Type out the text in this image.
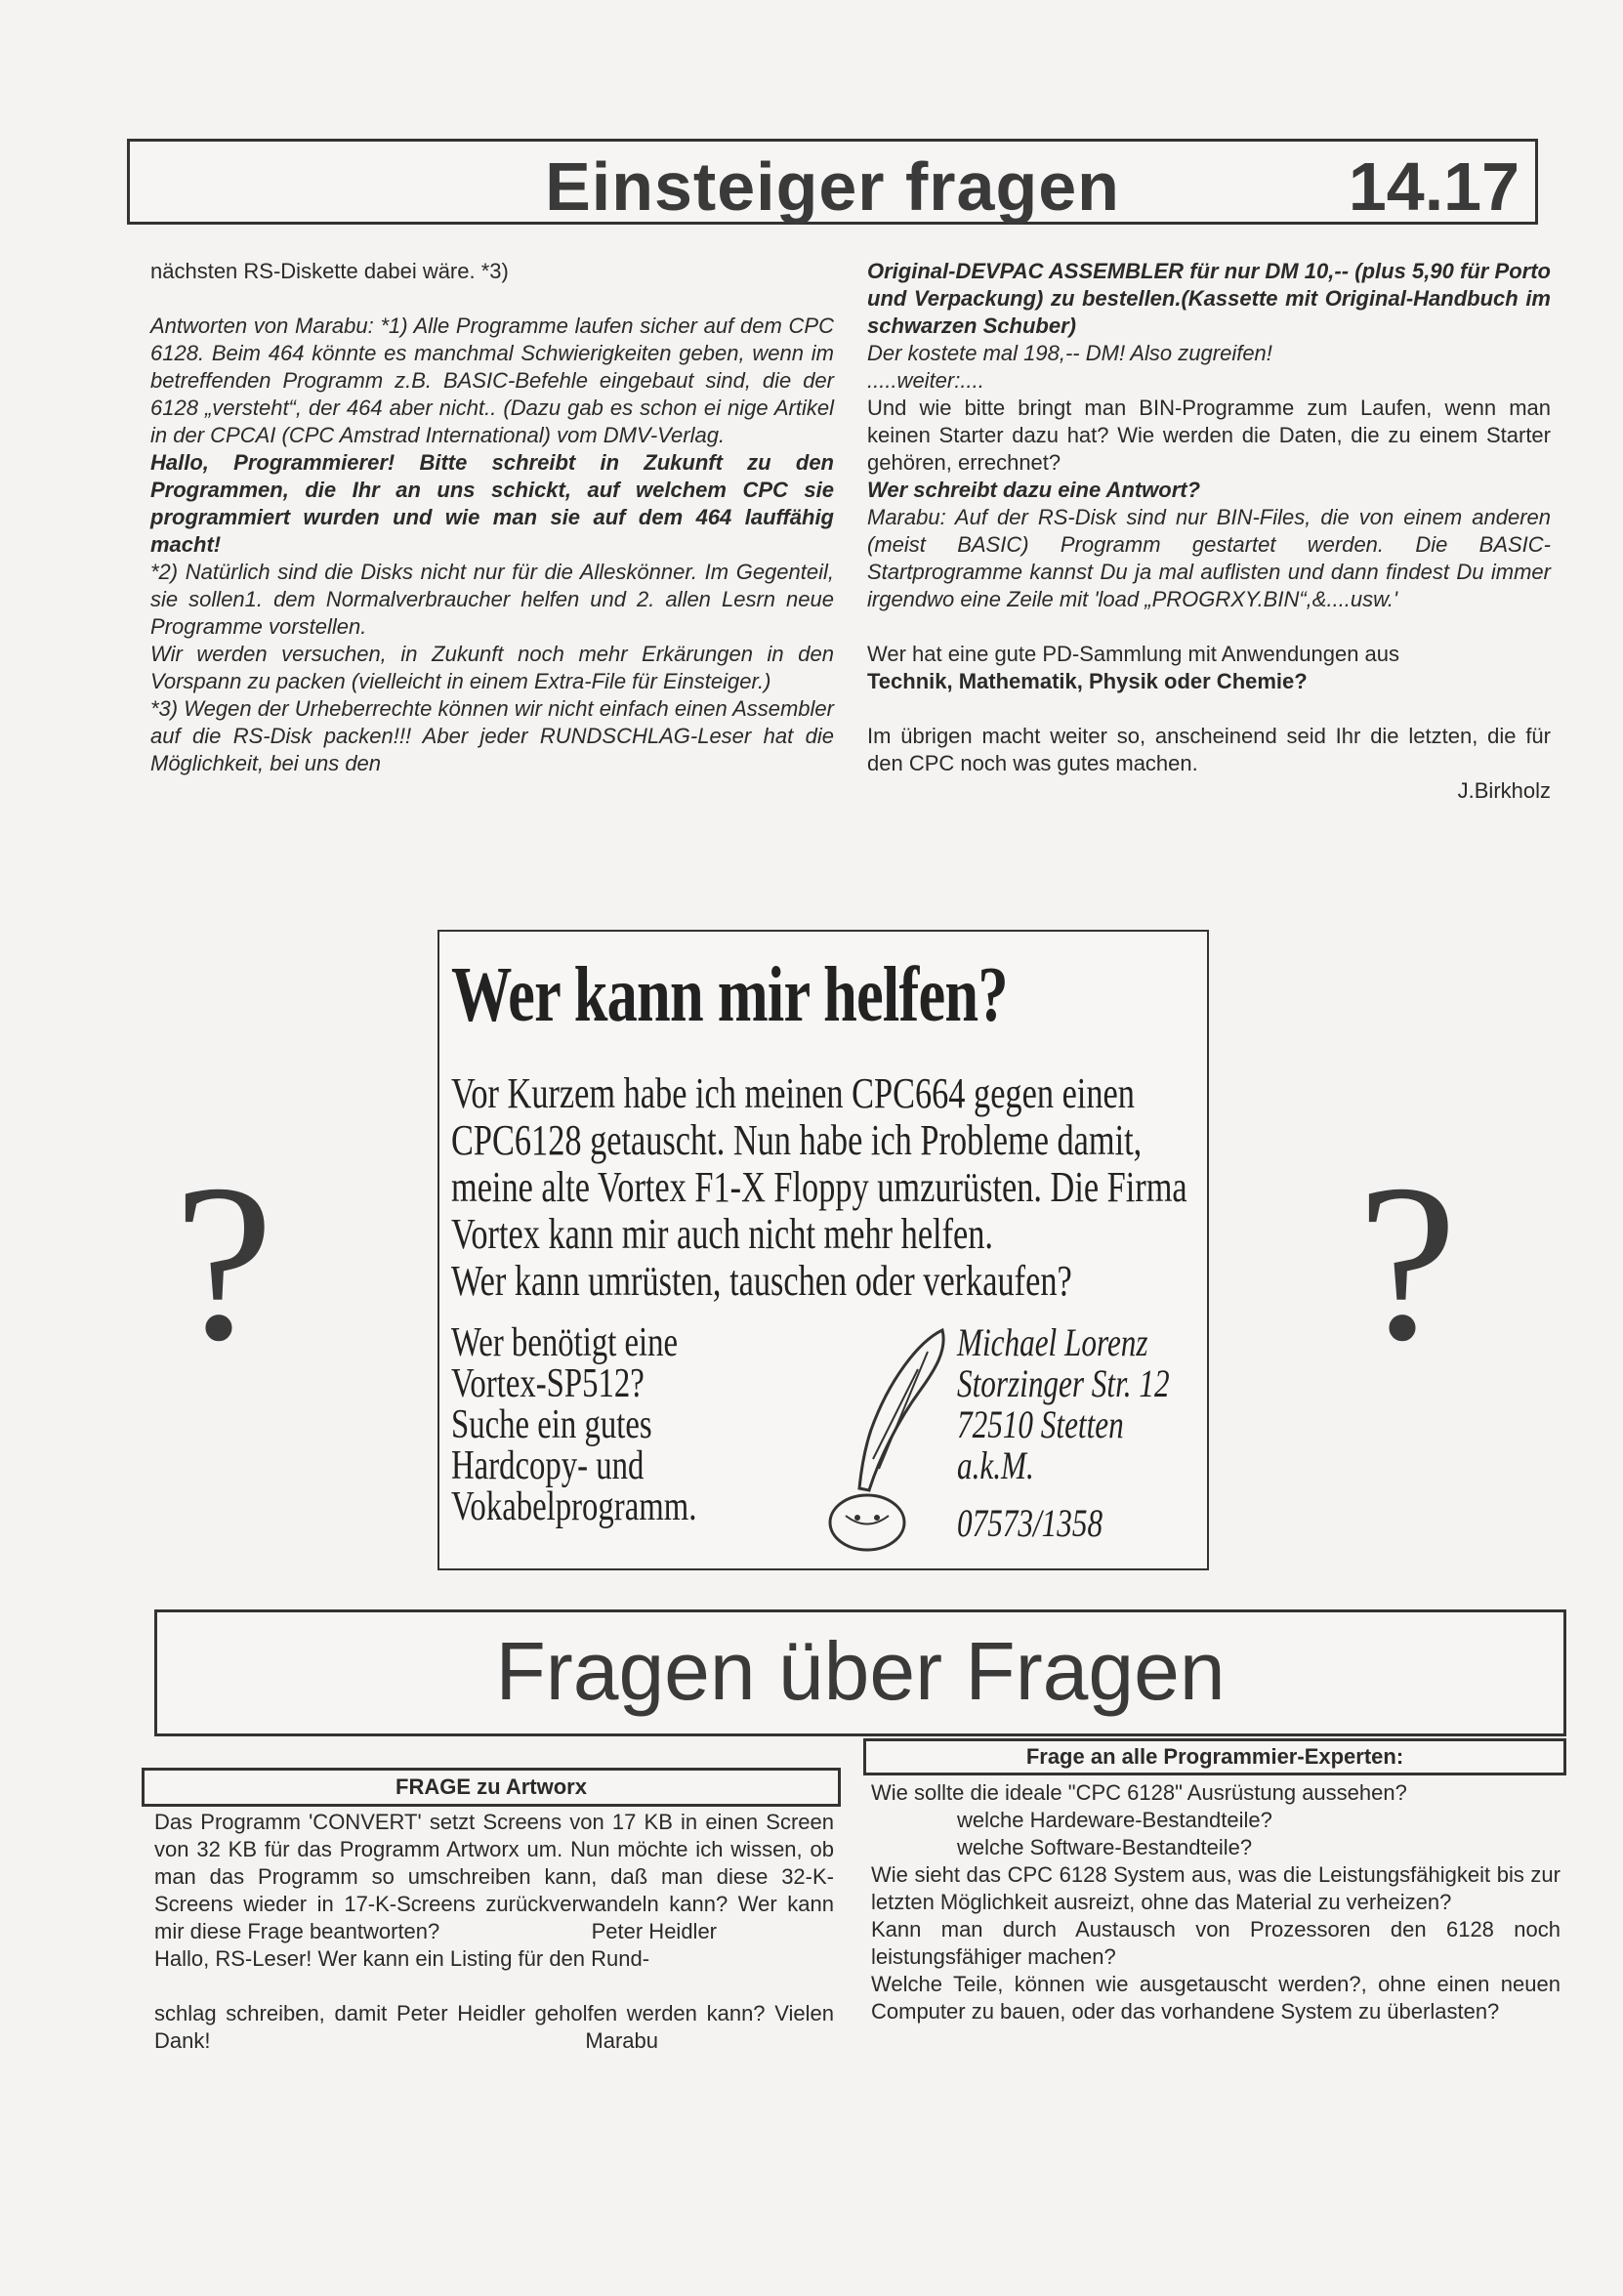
Einsteiger fragen	14.17

nächsten RS-Diskette dabei wäre. *3)

Antworten von Marabu: *1) Alle Programme laufen sicher auf dem CPC 6128. Beim 464 könnte es manchmal Schwierigkeiten geben, wenn im betreffenden Programm z.B. BASIC-Befehle eingebaut sind, die der 6128 „versteht“, der 464 aber nicht.. (Dazu gab es schon ei nige Artikel in der CPCAI (CPC Amstrad International) vom DMV-Verlag.

Hallo, Programmierer! Bitte schreibt in Zukunft zu den Programmen, die Ihr an uns schickt, auf welchem CPC sie programmiert wurden und wie man sie auf dem 464 lauffähig macht!

*2) Natürlich sind die Disks nicht nur für die Alleskönner. Im Gegenteil, sie sollen1. dem Normalverbraucher helfen und 2. allen Lesrn neue Programme vorstellen.

Wir werden versuchen, in Zukunft noch mehr Erkärungen in den Vorspann zu packen (vielleicht in einem Extra-File für Einsteiger.)

*3) Wegen der Urheberrechte können wir nicht einfach einen Assembler auf die RS-Disk packen!!! Aber jeder RUNDSCHLAG-Leser hat die Möglichkeit, bei uns den

Original-DEVPAC ASSEMBLER für nur DM 10,-- (plus 5,90 für Porto und Verpackung) zu bestellen.(Kassette mit Original-Handbuch im schwarzen Schuber)

Der kostete mal 198,-- DM! Also zugreifen!

.....weiter:....

Und wie bitte bringt man BIN-Programme zum Laufen, wenn man keinen Starter dazu hat? Wie werden die Daten, die zu einem Starter gehören, errechnet?

Wer schreibt dazu eine Antwort?

Marabu: Auf der RS-Disk sind nur BIN-Files, die von einem anderen (meist BASIC) Programm gestartet werden. Die BASIC-Startprogramme kannst Du ja mal auflisten und dann findest Du immer irgendwo eine Zeile mit 'load „PROGRXY.BIN“,&....usw.'

Wer hat eine gute PD-Sammlung mit Anwendungen aus

Technik, Mathematik, Physik oder Chemie?

Im übrigen macht weiter so, anscheinend seid Ihr die letzten, die für den CPC noch was gutes machen.

J.Birkholz

?	?
Wer kann mir helfen?
Vor Kurzem habe ich meinen CPC664 gegen einen CPC6128 getauscht. Nun habe ich Probleme damit, meine alte Vortex F1-X Floppy umzurüsten. Die Firma Vortex kann mir auch nicht mehr helfen.
Wer kann umrüsten, tauschen oder verkaufen?
Wer benötigt eine Vortex-SP512? Suche ein gutes Hardcopy- und Vokabelprogramm.
Michael Lorenz
Storzinger Str. 12
72510 Stetten a.k.M.
07573/1358
Fragen über Fragen
FRAGE zu Artworx

Das Programm 'CONVERT' setzt Screens von 17 KB in einen Screen von 32 KB für das Programm Artworx um. Nun möchte ich wissen, ob man das Programm so umschreiben kann, daß man diese 32-K-Screens wieder in 17-K-Screens zurückverwandeln kann? Wer kann mir diese Frage beantworten?	Peter Heidler

Hallo, RS-Leser! Wer kann ein Listing für den Rund-

schlag schreiben, damit Peter Heidler geholfen werden kann? Vielen Dank!	Marabu

Frage an alle Programmier-Experten:

Wie sollte die ideale "CPC 6128" Ausrüstung aussehen?

welche Hardeware-Bestandteile?

welche Software-Bestandteile?

Wie sieht das CPC 6128 System aus, was die Leistungsfähigkeit bis zur letzten Möglichkeit ausreizt, ohne das Material zu verheizen?

Kann man durch Austausch von Prozessoren den 6128 noch leistungsfähiger machen?

Welche Teile, können wie ausgetauscht werden?, ohne einen neuen Computer zu bauen, oder das vorhandene System zu überlasten?
